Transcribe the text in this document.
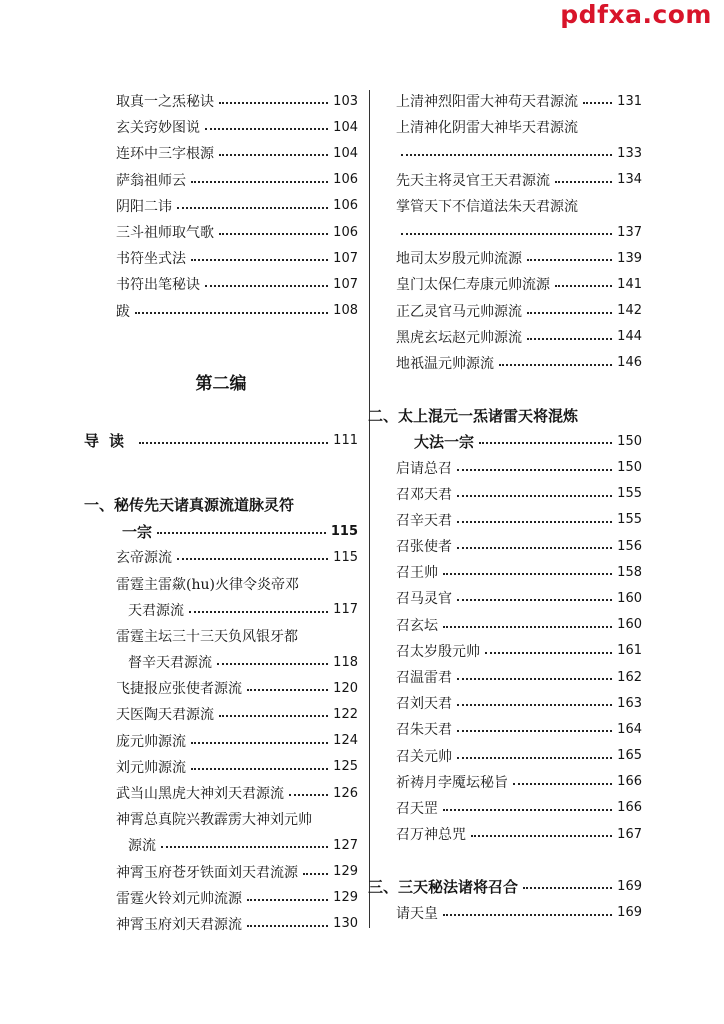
pdfxa.com
取真一之炁秘诀	103
玄关窍妙图说	104
连环中三字根源	104
萨翁祖师云	106
阴阳二讳	106
三斗祖师取气歌	106
书符坐式法	107
书符出笔秘诀	107
跋	108
第二编
导读	111
一、秘传先天诸真源流道脉灵符
一宗	115
玄帝源流	115
雷霆主雷歘(hu)火律令炎帝邓
天君源流	117
雷霆主坛三十三天负风银牙都
督辛天君源流	118
飞捷报应张使者源流	120
天医陶天君源流	122
庞元帅源流	124
刘元帅源流	125
武当山黑虎大神刘天君源流	126
神霄总真院兴教霹雳大神刘元帅
源流	127
神霄玉府苍牙铁面刘天君流源	129
雷霆火铃刘元帅流源	129
神霄玉府刘天君源流	130
上清神烈阳雷大神苟天君源流	131
上清神化阴雷大神毕天君源流
133
先天主将灵官王天君源流	134
掌管天下不信道法朱天君源流
137
地司太岁殷元帅流源	139
皇门太保仁寿康元帅流源	141
正乙灵官马元帅源流	142
黑虎玄坛赵元帅源流	144
地祇温元帅源流	146
二、太上混元一炁诸雷天将混炼
大法一宗	150
启请总召	150
召邓天君	155
召辛天君	155
召张使者	156
召王帅	158
召马灵官	160
召玄坛	160
召太岁殷元帅	161
召温雷君	162
召刘天君	163
召朱天君	164
召关元帅	165
祈祷月孛魇坛秘旨	166
召天罡	166
召万神总咒	167
三、三天秘法诸将召合	169
请天皇	169
